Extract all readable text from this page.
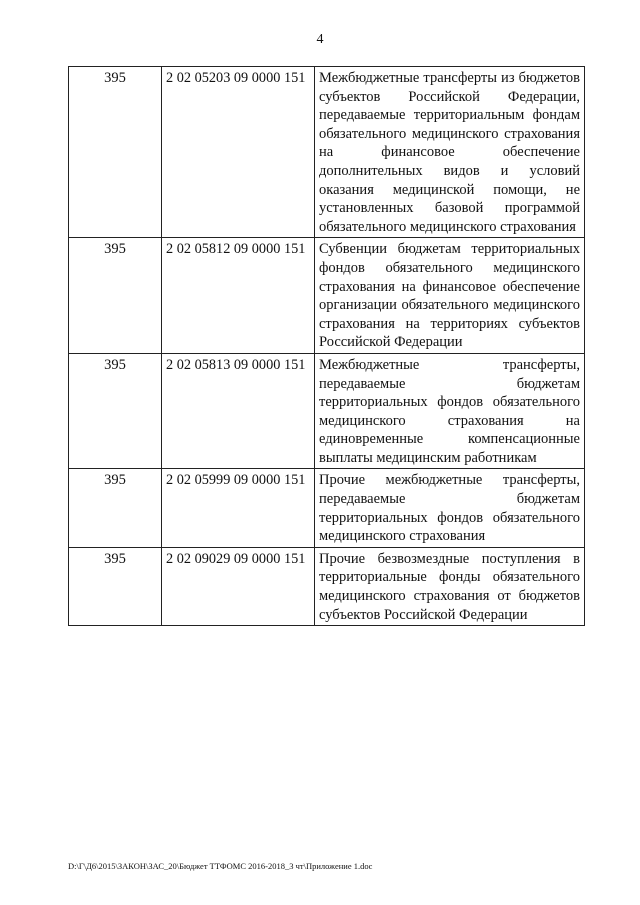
4
395	2 02 05203 09 0000 151	Межбюджетные трансферты из бюджетов субъектов Российской Федерации, передаваемые территориальным фондам обязательного медицинского страхования на финансовое обеспечение дополнительных видов и условий оказания медицинской помощи, не установленных базовой программой обязательного медицинского страхования
395	2 02 05812 09 0000 151	Субвенции бюджетам территориальных фондов обязательного медицинского страхования на финансовое обеспечение организации обязательного медицинского страхования на территориях субъектов Российской Федерации
395	2 02 05813 09 0000 151	Межбюджетные трансферты, передаваемые бюджетам территориальных фондов обязательного медицинского страхования на единовременные компенсационные выплаты медицинским работникам
395	2 02 05999 09 0000 151	Прочие межбюджетные трансферты, передаваемые бюджетам территориальных фондов обязательного медицинского страхования
395	2 02 09029 09 0000 151	Прочие безвозмездные поступления в территориальные фонды обязательного медицинского страхования от бюджетов субъектов Российской Федерации
D:\Г\Д6\2015\ЗАКОН\ЗАС_20\Бюджет ТТФОМС 2016-2018_3 чт\Приложение 1.doc
